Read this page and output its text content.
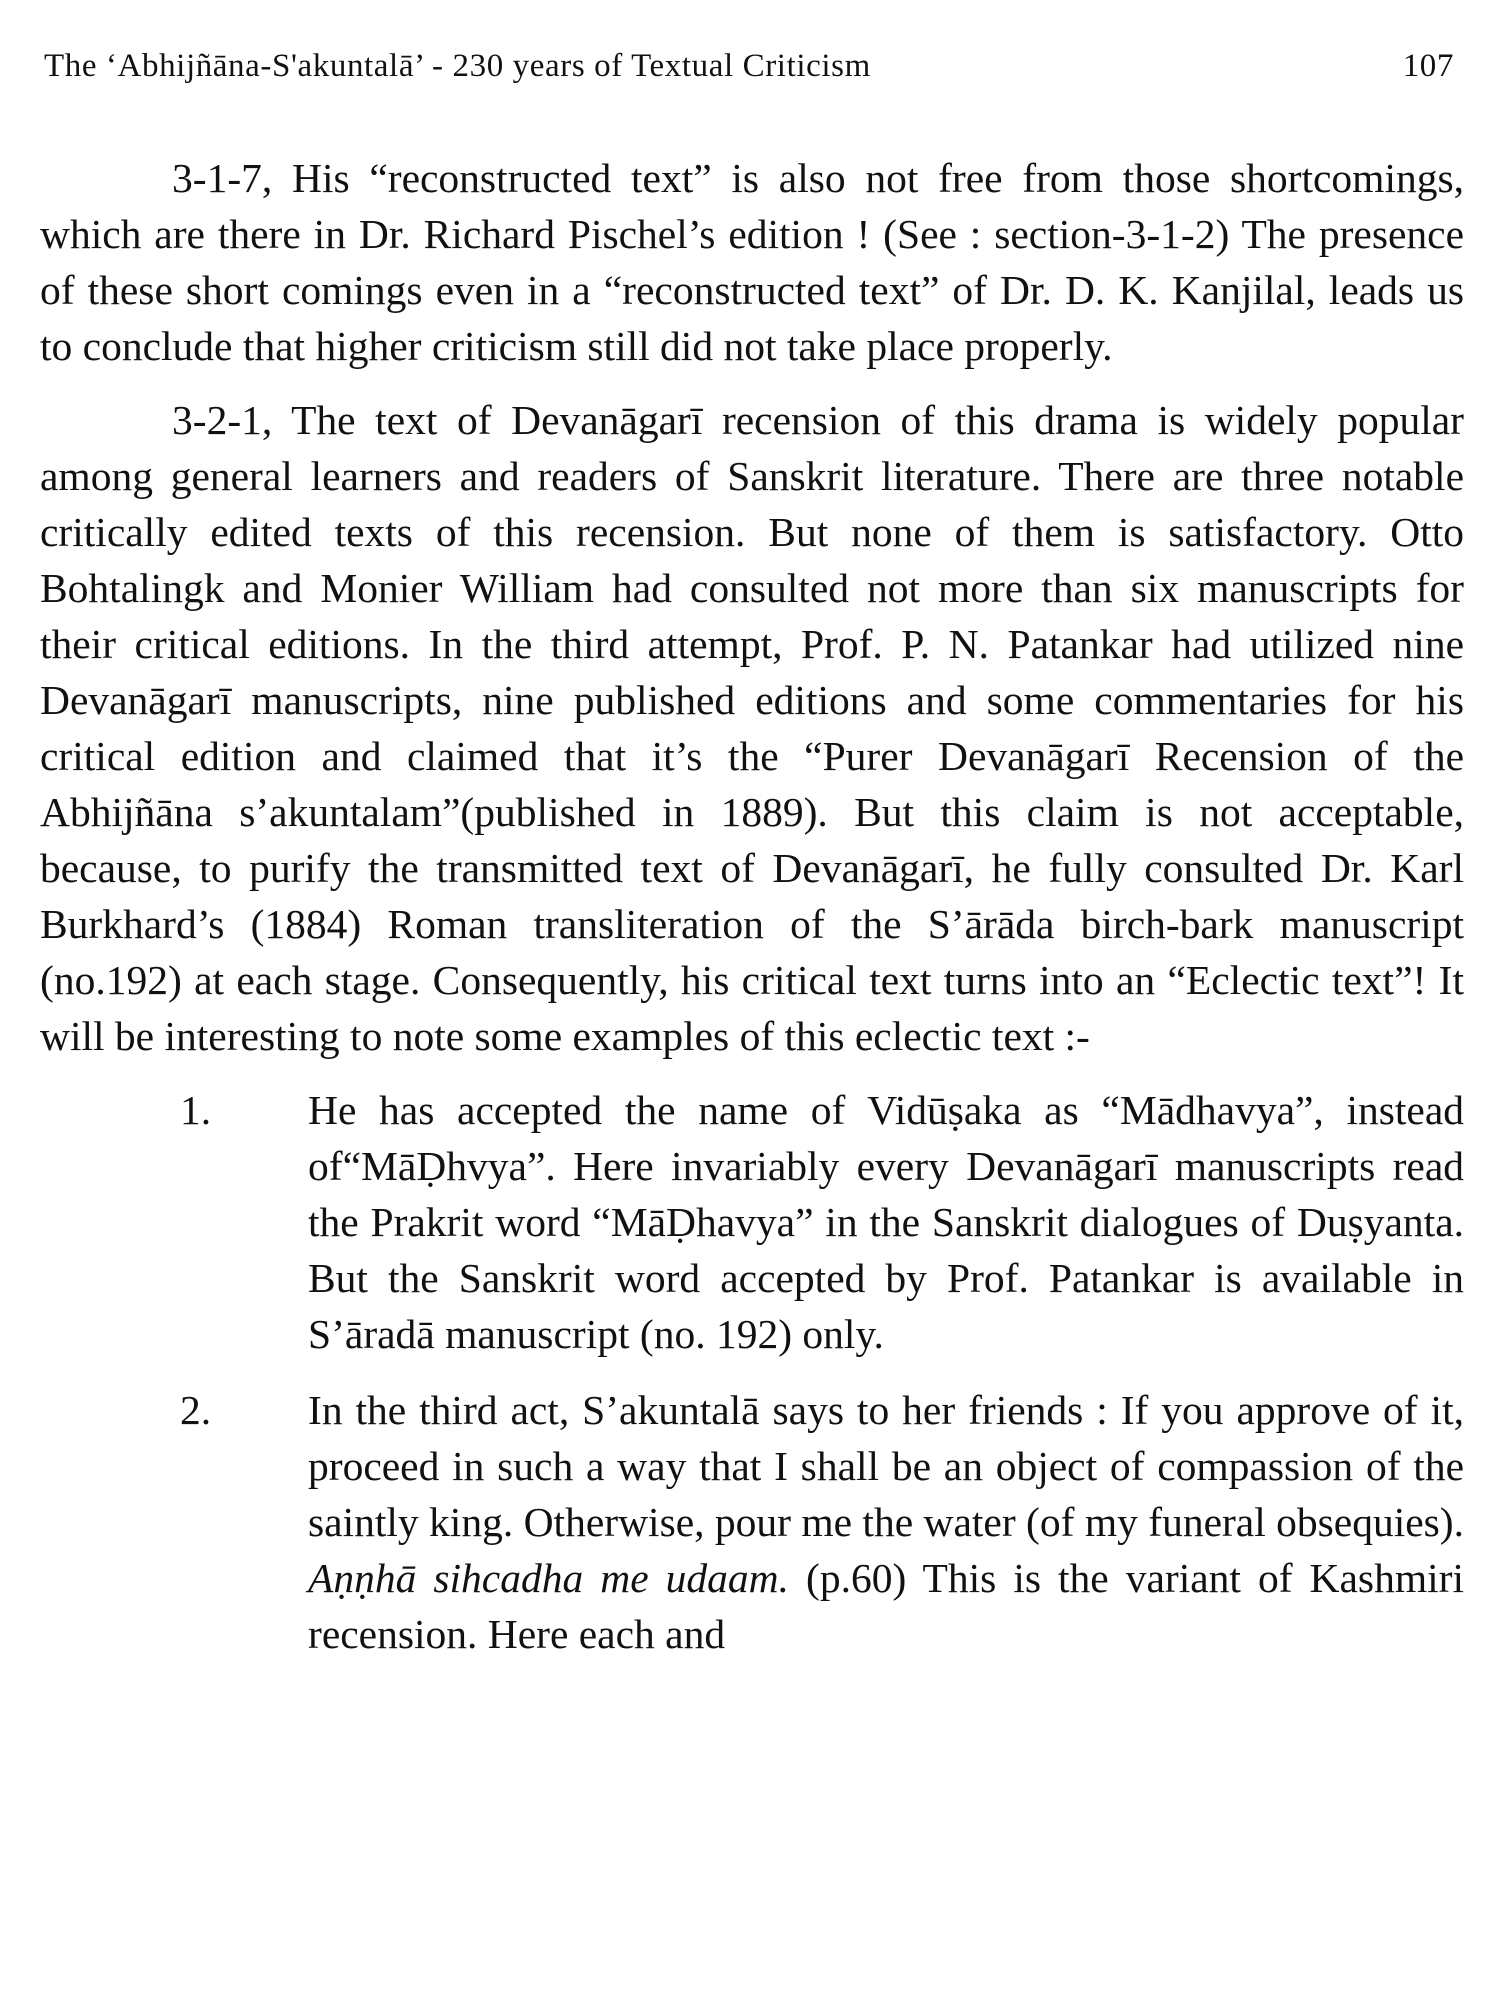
The ‘Abhijñāna-S'akuntalā’ - 230 years of Textual Criticism	107

3-1-7, His “reconstructed text” is also not free from those shortcomings, which are there in Dr. Richard Pischel’s edition ! (See : section-3-1-2) The presence of these short comings even in a “reconstructed text” of Dr. D. K. Kanjilal, leads us to conclude that higher criticism still did not take place properly.

3-2-1, The text of Devanāgarī recension of this drama is widely popular among general learners and readers of Sanskrit literature. There are three notable critically edited texts of this recension. But none of them is satisfactory. Otto Bohtalingk and Monier William had consulted not more than six manuscripts for their critical editions. In the third attempt, Prof. P. N. Patankar had utilized nine Devanāgarī manuscripts, nine published editions and some commentaries for his critical edition and claimed that it’s the “Purer Devanāgarī Recension of the Abhijñāna s’akuntalam”(published in 1889). But this claim is not acceptable, because, to purify the transmitted text of Devanāgarī, he fully consulted Dr. Karl Burkhard’s (1884) Roman transliteration of the S’ārāda birch-bark manuscript (no.192) at each stage. Consequently, his critical text turns into an “Eclectic text”! It will be interesting to note some examples of this eclectic text :-

1.	He has accepted the name of Vidūṣaka as “Mādhavya”, instead of“MāḌhvya”. Here invariably every Devanāgarī manuscripts read the Prakrit word “MāḌhavya” in the Sanskrit dialogues of Duṣyanta. But the Sanskrit word accepted by Prof. Patankar is available in S’āradā manuscript (no. 192) only.
2.	In the third act, S’akuntalā says to her friends : If you approve of it, proceed in such a way that I shall be an object of compassion of the saintly king. Otherwise, pour me the water (of my funeral obsequies). Aṇṇhā sihcadha me udaam. (p.60) This is the variant of Kashmiri recension. Here each and
